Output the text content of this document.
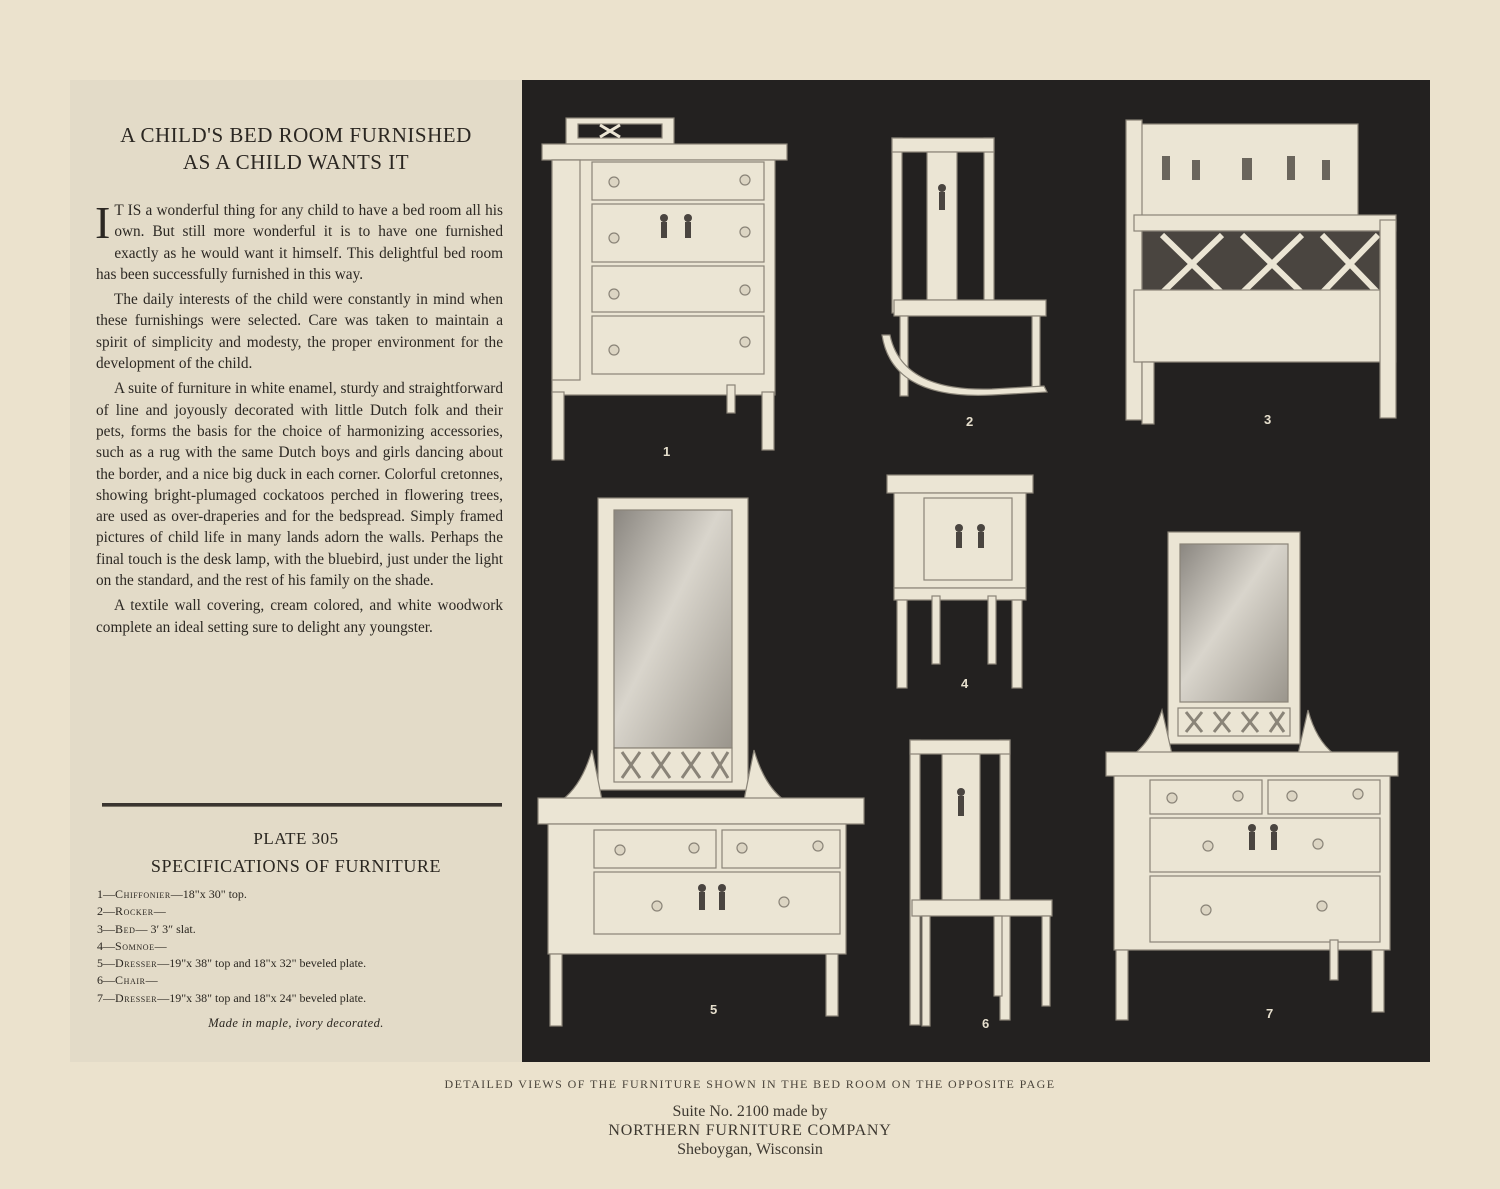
A CHILD'S BED ROOM FURNISHED
AS A CHILD WANTS IT

I T IS a wonderful thing for any child to have a bed room all his own. But still more wonderful it is to have one furnished exactly as he would want it himself. This delightful bed room has been successfully furnished in this way.

The daily interests of the child were constantly in mind when these furnishings were selected. Care was taken to maintain a spirit of simplicity and modesty, the proper environment for the development of the child.

A suite of furniture in white enamel, sturdy and straightforward of line and joyously decorated with little Dutch folk and their pets, forms the basis for the choice of harmonizing accessories, such as a rug with the same Dutch boys and girls dancing about the border, and a nice big duck in each corner. Colorful cretonnes, showing bright-plumaged cockatoos perched in flowering trees, are used as over-draperies and for the bedspread. Simply framed pictures of child life in many lands adorn the walls. Perhaps the final touch is the desk lamp, with the bluebird, just under the light on the standard, and the rest of his family on the shade.

A textile wall covering, cream colored, and white woodwork complete an ideal setting sure to delight any youngster.

PLATE 305
SPECIFICATIONS OF FURNITURE
1—Chiffonier—18"x 30" top.
2—Rocker—
3—Bed— 3′ 3″ slat.
4—Somnoe—
5—Dresser—19"x 38" top and 18"x 32" beveled plate.
6—Chair—
7—Dresser—19"x 38" top and 18"x 24" beveled plate.
Made in maple, ivory decorated.
1
2	3
4
5
6
7
DETAILED VIEWS OF THE FURNITURE SHOWN IN THE BED ROOM ON THE OPPOSITE PAGE
Suite No. 2100 made by
NORTHERN FURNITURE COMPANY
Sheboygan, Wisconsin
